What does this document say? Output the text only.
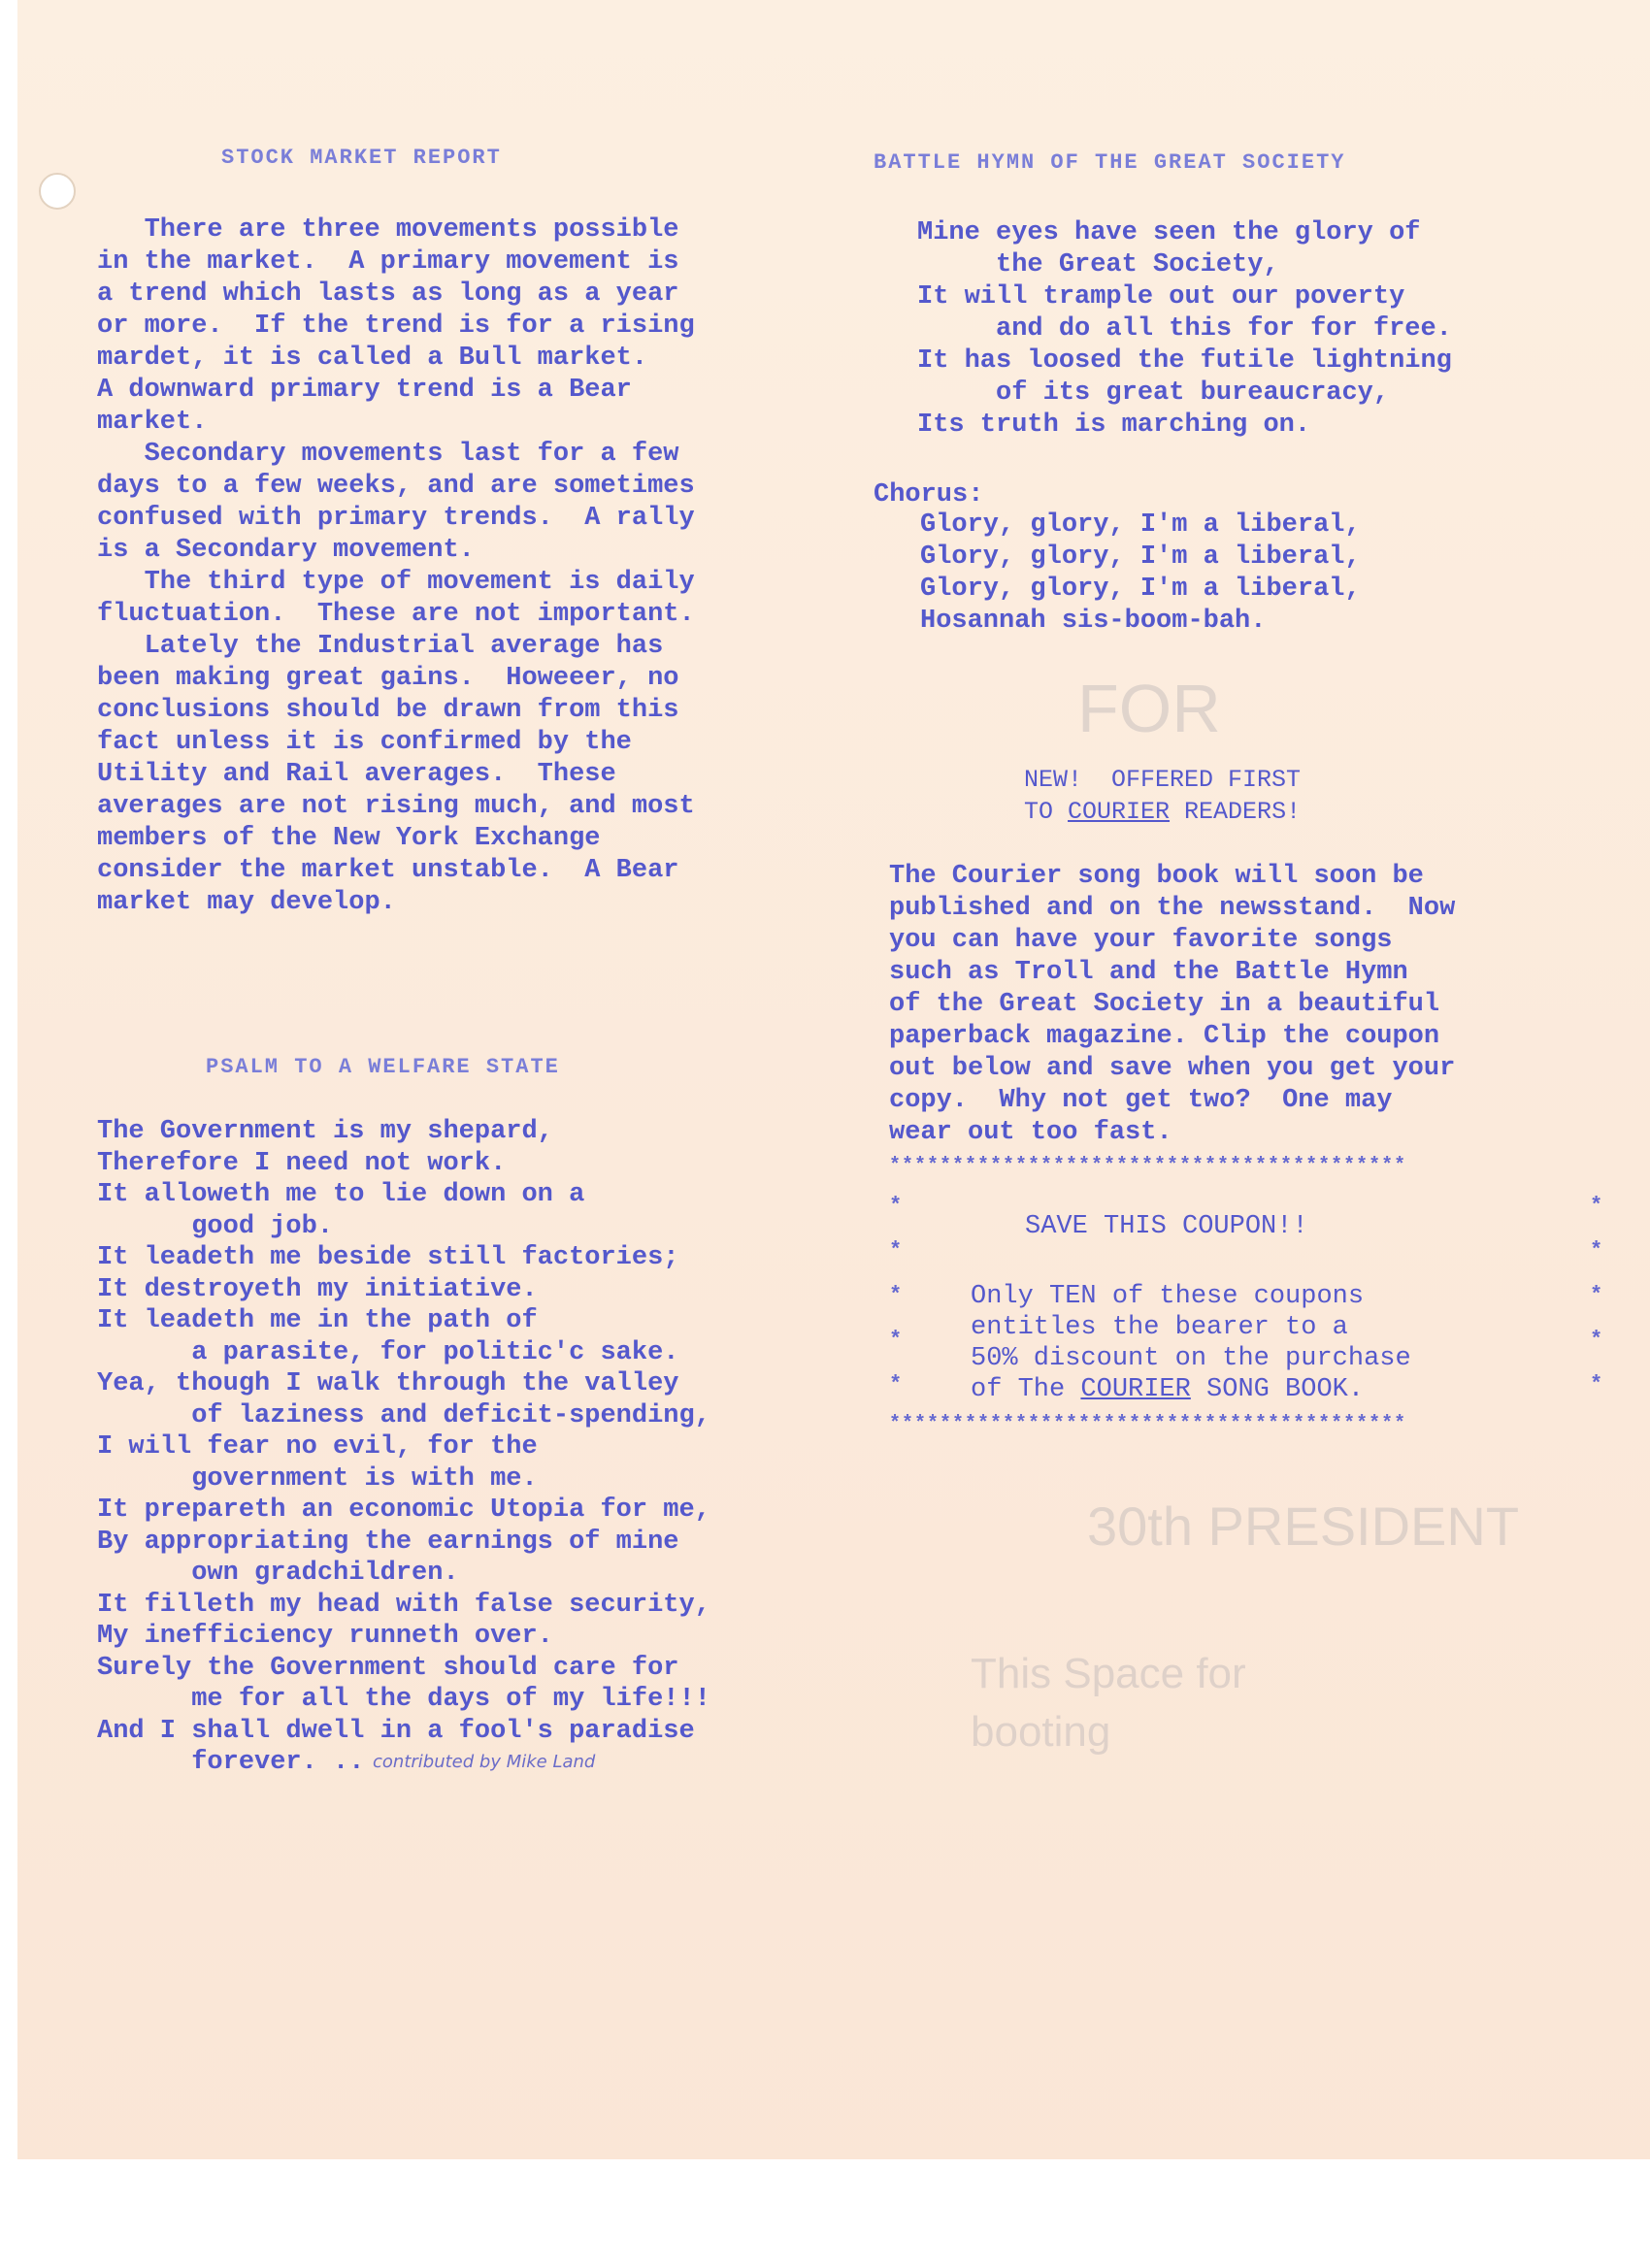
FOR
30th PRESIDENT
This Space for
booting
STOCK MARKET REPORT
There are three movements possible
in the market.  A primary movement is
a trend which lasts as long as a year
or more.  If the trend is for a rising
mardet, it is called a Bull market.
A downward primary trend is a Bear
market.
Secondary movements last for a few
days to a few weeks, and are sometimes
confused with primary trends.  A rally
is a Secondary movement.
The third type of movement is daily
fluctuation.  These are not important.
Lately the Industrial average has
been making great gains.  Howeeer, no
conclusions should be drawn from this
fact unless it is confirmed by the
Utility and Rail averages.  These
averages are not rising much, and most
members of the New York Exchange
consider the market unstable.  A Bear
market may develop.
PSALM TO A WELFARE STATE
The Government is my shepard,
Therefore I need not work.
It alloweth me to lie down on a
good job.
It leadeth me beside still factories;
It destroyeth my initiative.
It leadeth me in the path of
a parasite, for politic'c sake.
Yea, though I walk through the valley
of laziness and deficit-spending,
I will fear no evil, for the
government is with me.
It prepareth an economic Utopia for me,
By appropriating the earnings of mine
own gradchildren.
It filleth my head with false security,
My inefficiency runneth over.
Surely the Government should care for
me for all the days of my life!!!
And I shall dwell in a fool's paradise
forever. .. contributed by Mike Land
BATTLE HYMN OF THE GREAT SOCIETY
Mine eyes have seen the glory of
the Great Society,
It will trample out our poverty
and do all this for for free.
It has loosed the futile lightning
of its great bureaucracy,
Its truth is marching on.
Chorus:
Glory, glory, I'm a liberal,
Glory, glory, I'm a liberal,
Glory, glory, I'm a liberal,
Hosannah sis-boom-bah.
NEW!  OFFERED FIRST
TO COURIER READERS!
The Courier song book will soon be
published and on the newsstand.  Now
you can have your favorite songs
such as Troll and the Battle Hymn
of the Great Society in a beautiful
paperback magazine. Clip the coupon
out below and save when you get your
copy.  Why not get two?  One may
wear out too fast.
*****************************************
*
*
*
*
*
*
*
*
*
*
SAVE THIS COUPON!!
Only TEN of these coupons
entitles the bearer to a
50% discount on the purchase
of The COURIER SONG BOOK.
*****************************************
